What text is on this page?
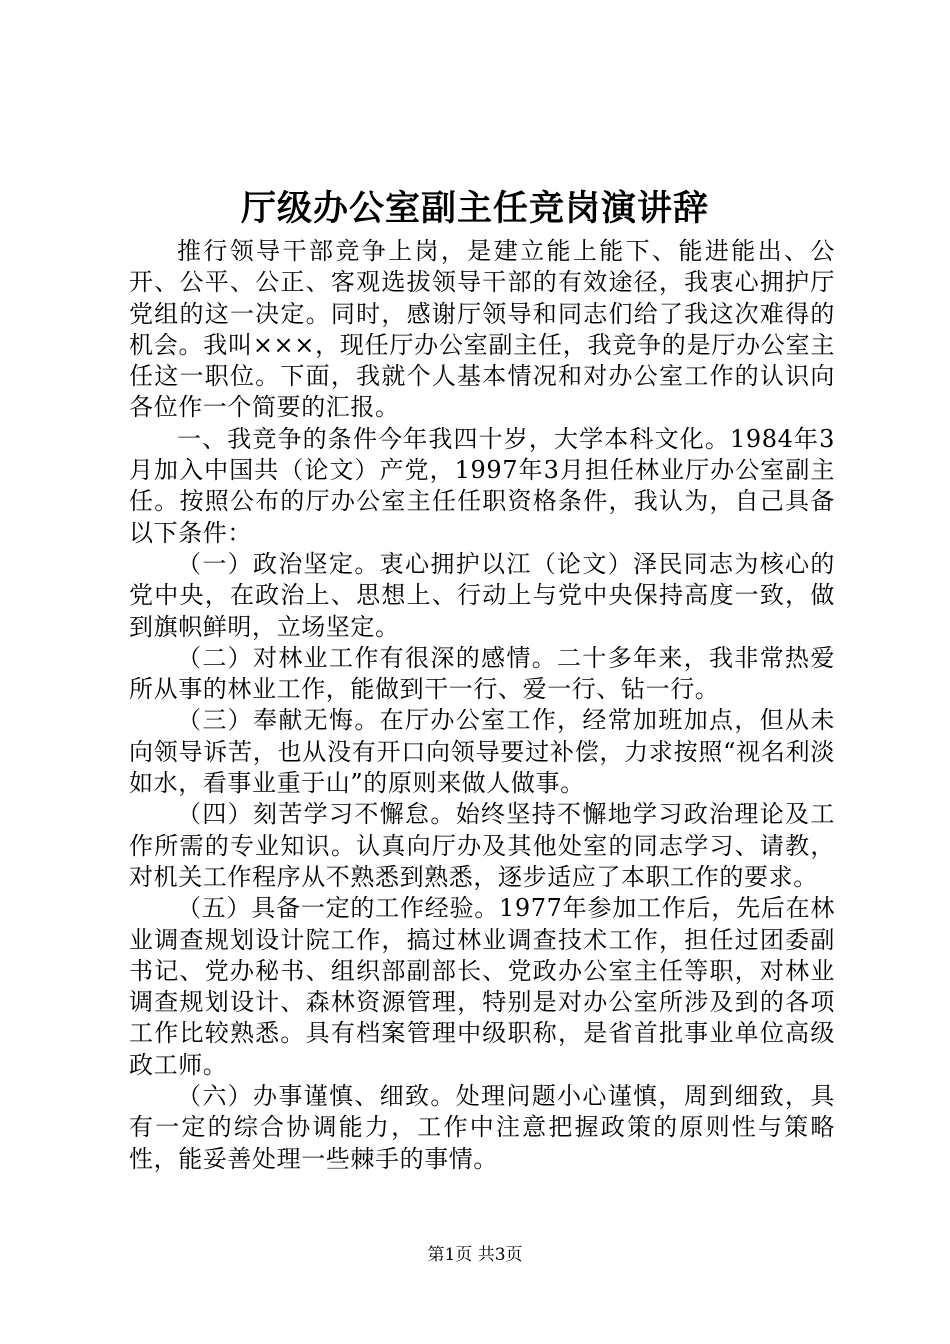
厅级办公室副主任竞岗演讲辞

推行领导干部竞争上岗，是建立能上能下、能进能出、公开、公平、公正、客观选拔领导干部的有效途径，我衷心拥护厅党组的这一决定。同时，感谢厅领导和同志们给了我这次难得的机会。我叫×××，现任厅办公室副主任，我竞争的是厅办公室主任这一职位。下面，我就个人基本情况和对办公室工作的认识向各位作一个简要的汇报。

一、我竞争的条件今年我四十岁，大学本科文化。1984年3月加入中国共（论文）产党，1997年3月担任林业厅办公室副主任。按照公布的厅办公室主任任职资格条件，我认为，自己具备以下条件：

（一）政治坚定。衷心拥护以江（论文）泽民同志为核心的党中央，在政治上、思想上、行动上与党中央保持高度一致，做到旗帜鲜明，立场坚定。

（二）对林业工作有很深的感情。二十多年来，我非常热爱所从事的林业工作，能做到干一行、爱一行、钻一行。

（三）奉献无悔。在厅办公室工作，经常加班加点，但从未向领导诉苦，也从没有开口向领导要过补偿，力求按照“视名利淡如水，看事业重于山”的原则来做人做事。

（四）刻苦学习不懈怠。始终坚持不懈地学习政治理论及工作所需的专业知识。认真向厅办及其他处室的同志学习、请教，对机关工作程序从不熟悉到熟悉，逐步适应了本职工作的要求。

（五）具备一定的工作经验。1977年参加工作后，先后在林业调查规划设计院工作，搞过林业调查技术工作，担任过团委副书记、党办秘书、组织部副部长、党政办公室主任等职，对林业调查规划设计、森林资源管理，特别是对办公室所涉及到的各项工作比较熟悉。具有档案管理中级职称，是省首批事业单位高级政工师。

（六）办事谨慎、细致。处理问题小心谨慎，周到细致，具有一定的综合协调能力，工作中注意把握政策的原则性与策略性，能妥善处理一些棘手的事情。

第1页 共3页
